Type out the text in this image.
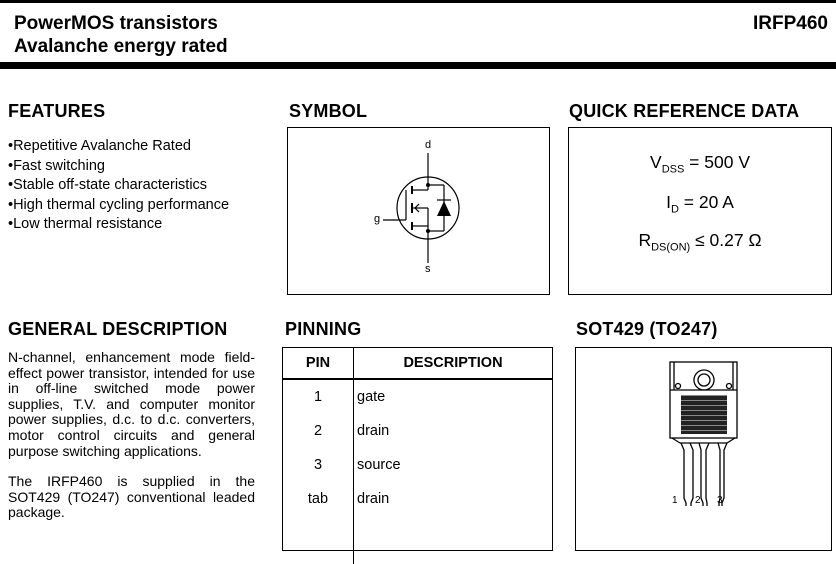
PowerMOS transistors
Avalanche energy rated
IRFP460
FEATURES
• Repetitive Avalanche Rated
• Fast switching
• Stable off-state characteristics
• High thermal cycling performance
• Low thermal resistance
SYMBOL
d
g
s
QUICK REFERENCE DATA
$V_{DSS} = 500$ V
$I_D = 20$ A
$R_{DS(ON)} \le 0.27$ Ω
GENERAL DESCRIPTION

N-channel, enhancement mode field-effect power transistor, intended for use in off-line switched mode power supplies, T.V. and computer monitor power supplies, d.c. to d.c. converters, motor control circuits and general purpose switching applications.

The IRFP460 is supplied in the SOT429 (TO247) conventional leaded package.

PINNING
PIN	DESCRIPTION
1	gate
2	drain
3	source
tab	drain

SOT429 (TO247)
1 2 3
